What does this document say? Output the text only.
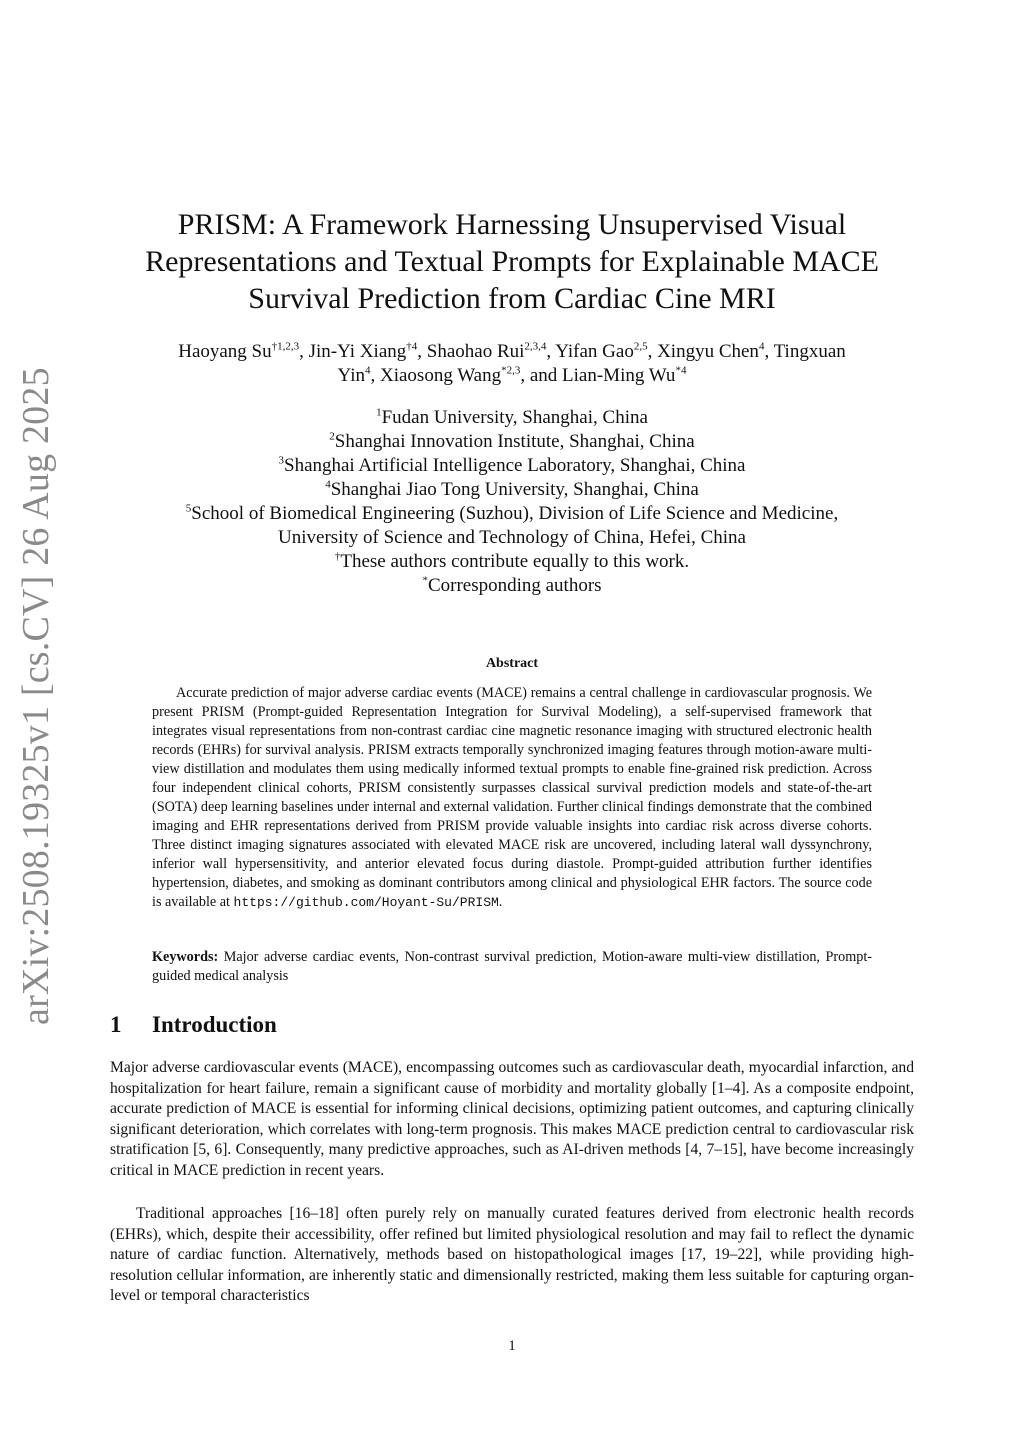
arXiv:2508.19325v1 [cs.CV] 26 Aug 2025
PRISM: A Framework Harnessing Unsupervised Visual
Representations and Textual Prompts for Explainable MACE
Survival Prediction from Cardiac Cine MRI
Haoyang Su$^{\dagger 1,2,3}$, Jin-Yi Xiang$^{\dagger 4}$, Shaohao Rui$^{2,3,4}$, Yifan Gao$^{2,5}$, Xingyu Chen$^4$, Tingxuan
Yin$^4$, Xiaosong Wang$^{*2,3}$, and Lian-Ming Wu$^{*4}$
$^1$Fudan University, Shanghai, China
$^2$Shanghai Innovation Institute, Shanghai, China
$^3$Shanghai Artificial Intelligence Laboratory, Shanghai, China
$^4$Shanghai Jiao Tong University, Shanghai, China
$^5$School of Biomedical Engineering (Suzhou), Division of Life Science and Medicine,
University of Science and Technology of China, Hefei, China
†These authors contribute equally to this work.
*Corresponding authors
Abstract

Accurate prediction of major adverse cardiac events (MACE) remains a central challenge in cardiovascular prognosis. We present PRISM (Prompt-guided Representation Integration for Survival Modeling), a self-supervised framework that integrates visual representations from non-contrast cardiac cine magnetic resonance imaging with structured electronic health records (EHRs) for survival analysis. PRISM extracts temporally synchronized imaging features through motion-aware multi-view distillation and modulates them using medically informed textual prompts to enable fine-grained risk prediction. Across four independent clinical cohorts, PRISM consistently surpasses classical survival prediction models and state-of-the-art (SOTA) deep learning baselines under internal and external validation. Further clinical findings demonstrate that the combined imaging and EHR representations derived from PRISM provide valuable insights into cardiac risk across diverse cohorts. Three distinct imaging signatures associated with elevated MACE risk are uncovered, including lateral wall dyssynchrony, inferior wall hypersensitivity, and anterior elevated focus during diastole. Prompt-guided attribution further identifies hypertension, diabetes, and smoking as dominant contributors among clinical and physiological EHR factors. The source code is available at https://github.com/Hoyant-Su/PRISM.

Keywords: Major adverse cardiac events, Non-contrast survival prediction, Motion-aware multi-view distillation, Prompt-guided medical analysis

1 Introduction

Major adverse cardiovascular events (MACE), encompassing outcomes such as cardiovascular death, myocardial infarction, and hospitalization for heart failure, remain a significant cause of morbidity and mortality globally [1–4]. As a composite endpoint, accurate prediction of MACE is essential for informing clinical decisions, optimizing patient outcomes, and capturing clinically significant deterioration, which correlates with long-term prognosis. This makes MACE prediction central to cardiovascular risk stratification [5, 6]. Consequently, many predictive approaches, such as AI-driven methods [4, 7–15], have become increasingly critical in MACE prediction in recent years.

Traditional approaches [16–18] often purely rely on manually curated features derived from electronic health records (EHRs), which, despite their accessibility, offer refined but limited physiological resolution and may fail to reflect the dynamic nature of cardiac function. Alternatively, methods based on histopathological images [17, 19–22], while providing high-resolution cellular information, are inherently static and dimensionally restricted, making them less suitable for capturing organ-level or temporal characteristics

1
